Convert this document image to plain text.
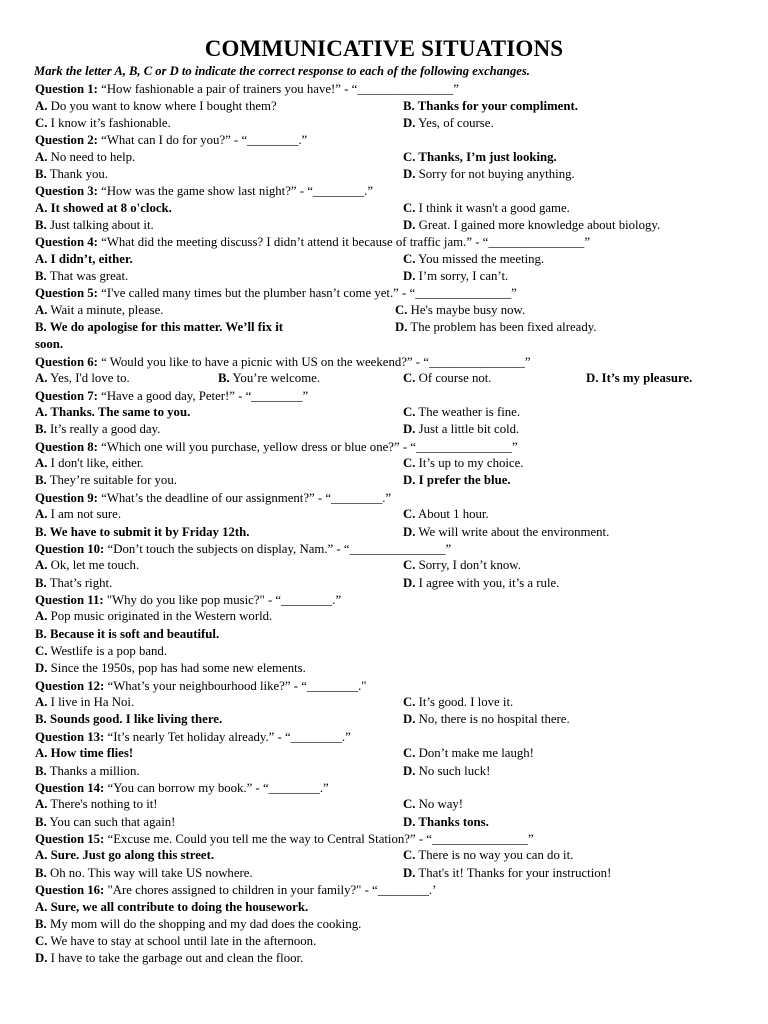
COMMUNICATIVE SITUATIONS
Mark the letter A, B, C or D to indicate the correct response to each of the following exchanges.
Question 1: “How fashionable a pair of trainers you have!” - “_______________”
A. Do you want to know where I bought them?	B. Thanks for your compliment.
C. I know it’s fashionable.	D. Yes, of course.
Question 2: “What can I do for you?” - “________.”
A. No need to help.	C. Thanks, I’m just looking.
B. Thank you.	D. Sorry for not buying anything.
Question 3: “How was the game show last night?” - “________.”
A. It showed at 8 o'clock.	C. I think it wasn't a good game.
B. Just talking about it.	D. Great. I gained more knowledge about biology.
Question 4: “What did the meeting discuss? I didn’t attend it because of traffic jam.” - “_______________”
A. I didn’t, either.	C. You missed the meeting.
B. That was great.	D. I’m sorry, I can’t.
Question 5: “I've called many times but the plumber hasn’t come yet.” - “_______________”
A. Wait a minute, please.	C. He's maybe busy now.
B. We do apologise for this matter. We’ll fix it	D. The problem has been fixed already.
soon.
Question 6: “ Would you like to have a picnic with US on the weekend?” - “_______________”
A. Yes, I'd love to.	B. You’re welcome.	C. Of course not.	D. It’s my pleasure.
Question 7: “Have a good day, Peter!” - “________”
A. Thanks. The same to you.	C. The weather is fine.
B. It’s really a good day.	D. Just a little bit cold.
Question 8: “Which one will you purchase, yellow dress or blue one?” - “_______________”
A. I don't like, either.	C. It’s up to my choice.
B. They’re suitable for you.	D. I prefer the blue.
Question 9: “What’s the deadline of our assignment?” - “________.”
A. I am not sure.	C. About 1 hour.
B. We have to submit it by Friday 12th.	D. We will write about the environment.
Question 10: “Don’t touch the subjects on display, Nam.” - “_______________”
A. Ok, let me touch.	C. Sorry, I don’t know.
B. That’s right.	D. I agree with you, it’s a rule.
Question 11: "Why do you like pop music?" - “________.”
A. Pop music originated in the Western world.
B. Because it is soft and beautiful.
C. Westlife is a pop band.
D. Since the 1950s, pop has had some new elements.
Question 12: “What’s your neighbourhood like?” - “________."
A. I live in Ha Noi.	C. It’s good. I love it.
B. Sounds good. I like living there.	D. No, there is no hospital there.
Question 13: “It’s nearly Tet holiday already.” - “________.”
A. How time flies!	C. Don’t make me laugh!
B. Thanks a million.	D. No such luck!
Question 14: “You can borrow my book.” - “________.”
A. There's nothing to it!	C. No way!
B. You can such that again!	D. Thanks tons.
Question 15: “Excuse me. Could you tell me the way to Central Station?” - “_______________”
A. Sure. Just go along this street.	C. There is no way you can do it.
B. Oh no. This way will take US nowhere.	D. That's it! Thanks for your instruction!
Question 16: "Are chores assigned to children in your family?" - “________.’
A. Sure, we all contribute to doing the housework.
B. My mom will do the shopping and my dad does the cooking.
C. We have to stay at school until late in the afternoon.
D. I have to take the garbage out and clean the floor.
